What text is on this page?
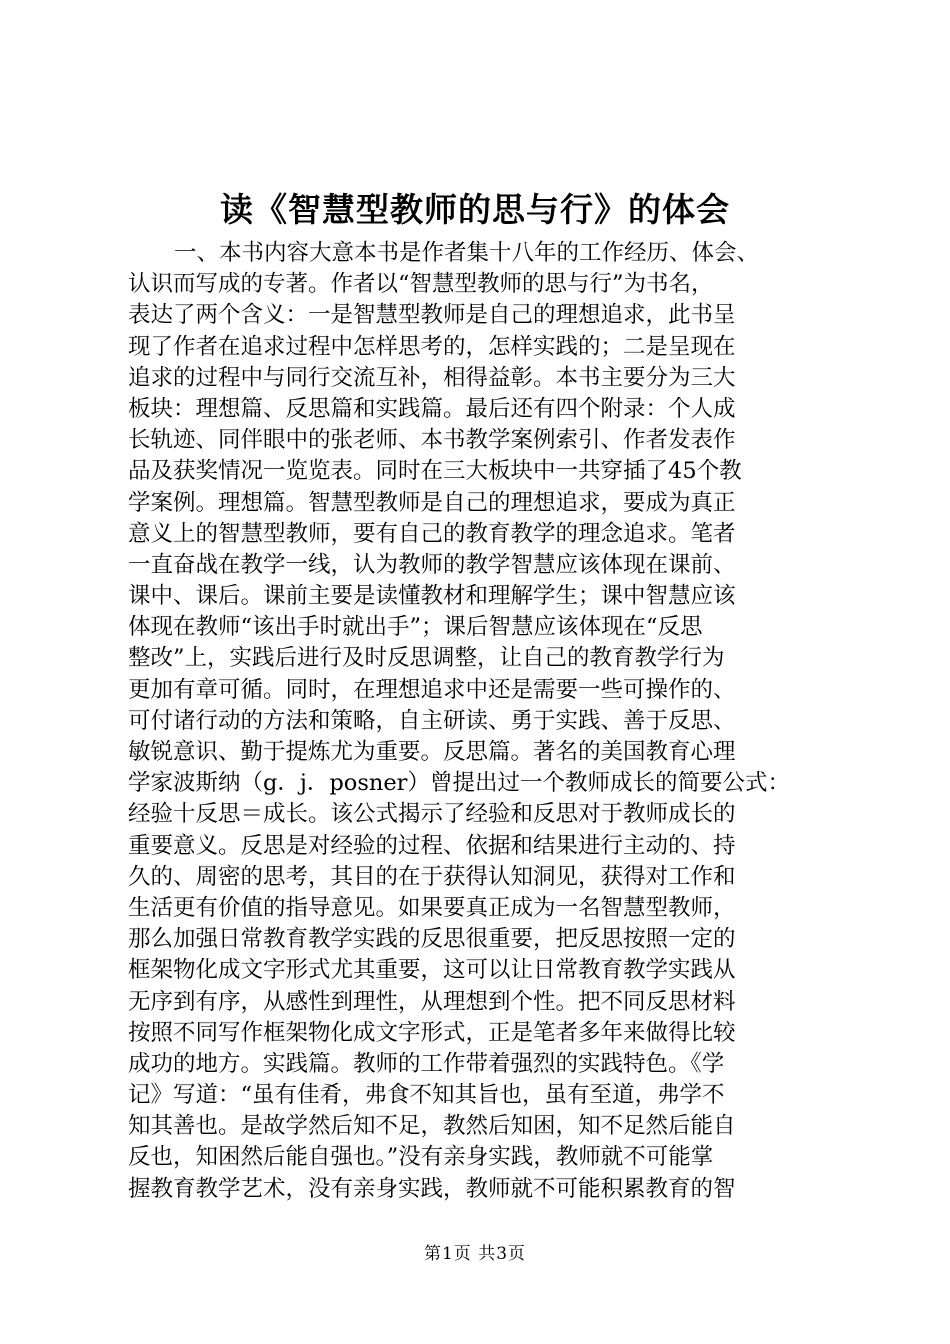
读《智慧型教师的思与行》的体会
一、本书内容大意本书是作者集十八年的工作经历、体会、
认识而写成的专著。作者以“智慧型教师的思与行”为书名，
表达了两个含义：一是智慧型教师是自己的理想追求，此书呈
现了作者在追求过程中怎样思考的，怎样实践的；二是呈现在
追求的过程中与同行交流互补，相得益彰。本书主要分为三大
板块：理想篇、反思篇和实践篇。最后还有四个附录：个人成
长轨迹、同伴眼中的张老师、本书教学案例索引、作者发表作
品及获奖情况一览览表。同时在三大板块中一共穿插了45个教
学案例。理想篇。智慧型教师是自己的理想追求，要成为真正
意义上的智慧型教师，要有自己的教育教学的理念追求。笔者
一直奋战在教学一线，认为教师的教学智慧应该体现在课前、
课中、课后。课前主要是读懂教材和理解学生；课中智慧应该
体现在教师“该出手时就出手”；课后智慧应该体现在“反思
整改”上，实践后进行及时反思调整，让自己的教育教学行为
更加有章可循。同时，在理想追求中还是需要一些可操作的、
可付诸行动的方法和策略，自主研读、勇于实践、善于反思、
敏锐意识、勤于提炼尤为重要。反思篇。著名的美国教育心理
学家波斯纳（g．j．posner）曾提出过一个教师成长的简要公式：
经验十反思＝成长。该公式揭示了经验和反思对于教师成长的
重要意义。反思是对经验的过程、依据和结果进行主动的、持
久的、周密的思考，其目的在于获得认知洞见，获得对工作和
生活更有价值的指导意见。如果要真正成为一名智慧型教师，
那么加强日常教育教学实践的反思很重要，把反思按照一定的
框架物化成文字形式尤其重要，这可以让日常教育教学实践从
无序到有序，从感性到理性，从理想到个性。把不同反思材料
按照不同写作框架物化成文字形式，正是笔者多年来做得比较
成功的地方。实践篇。教师的工作带着强烈的实践特色。《学
记》写道：“虽有佳肴，弗食不知其旨也，虽有至道，弗学不
知其善也。是故学然后知不足，教然后知困，知不足然后能自
反也，知困然后能自强也。”没有亲身实践，教师就不可能掌
握教育教学艺术，没有亲身实践，教师就不可能积累教育的智
第1页 共3页
